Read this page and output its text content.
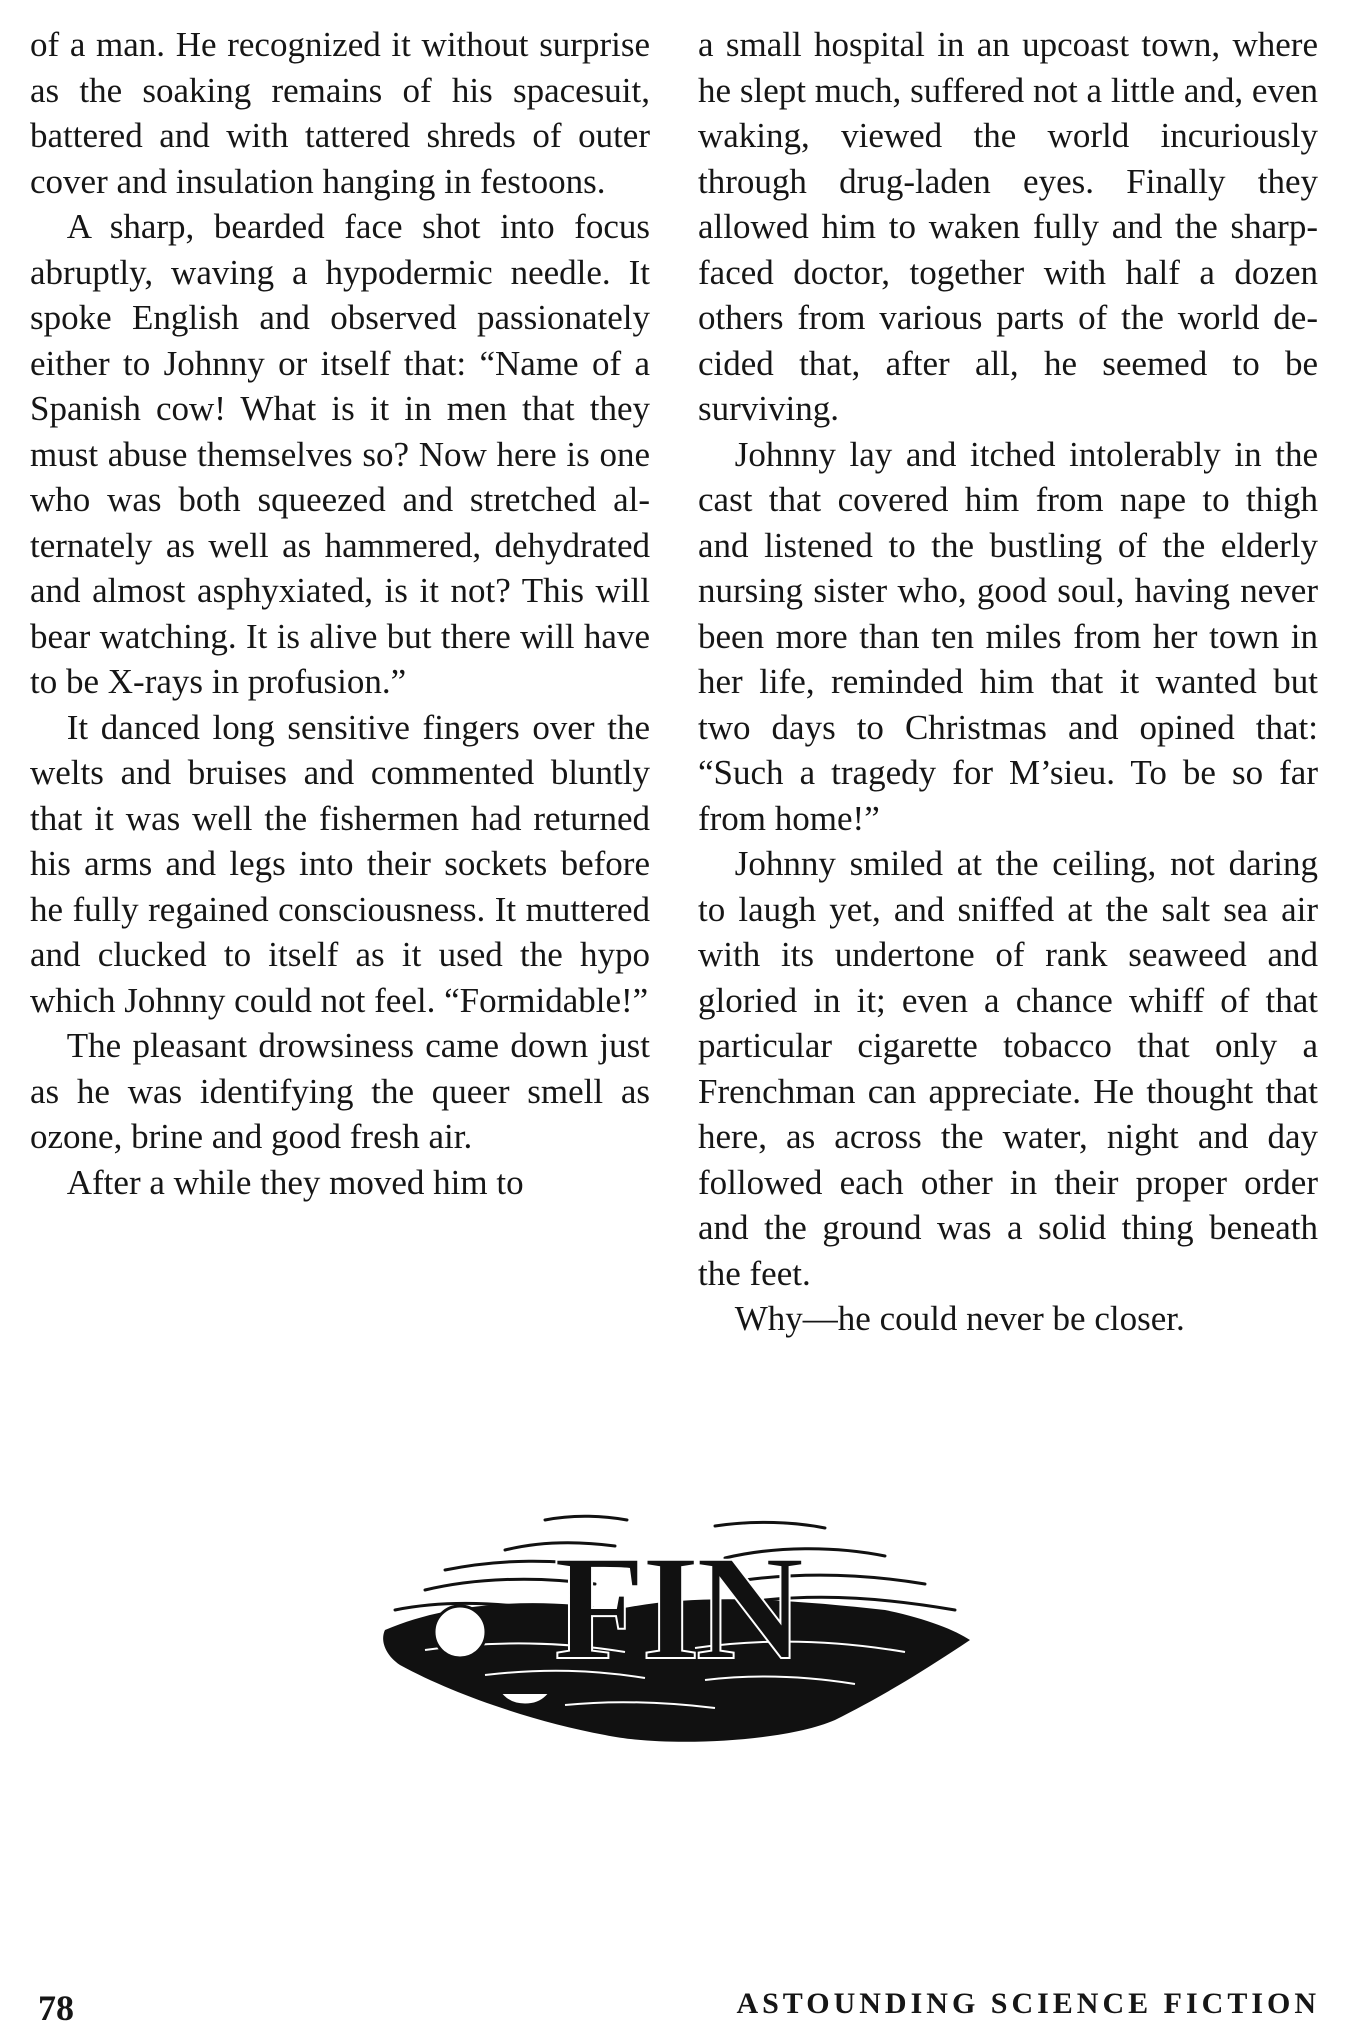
of a man. He recognized it without surprise as the soaking remains of his spacesuit, battered and with tattered shreds of outer cover and insulation hanging in festoons.

A sharp, bearded face shot into focus abruptly, waving a hypodermic needle. It spoke English and observed passionately either to Johnny or itself that: “Name of a Spanish cow! What is it in men that they must abuse themselves so? Now here is one who was both squeezed and stretched alternately as well as hammered, dehydrated and almost asphyxiated, is it not? This will bear watching. It is alive but there will have to be X-rays in profusion.”

It danced long sensitive fingers over the welts and bruises and commented bluntly that it was well the fishermen had returned his arms and legs into their sockets before he fully regained consciousness. It muttered and clucked to itself as it used the hypo which Johnny could not feel. “Formidable!”

The pleasant drowsiness came down just as he was identifying the queer smell as ozone, brine and good fresh air.

After a while they moved him to

a small hospital in an upcoast town, where he slept much, suffered not a little and, even waking, viewed the world incuriously through drug-laden eyes. Finally they allowed him to waken fully and the sharp-faced doctor, together with half a dozen others from various parts of the world decided that, after all, he seemed to be surviving.

Johnny lay and itched intolerably in the cast that covered him from nape to thigh and listened to the bustling of the elderly nursing sister who, good soul, having never been more than ten miles from her town in her life, reminded him that it wanted but two days to Christmas and opined that: “Such a tragedy for M’sieu. To be so far from home!”

Johnny smiled at the ceiling, not daring to laugh yet, and sniffed at the salt sea air with its undertone of rank seaweed and gloried in it; even a chance whiff of that particular cigarette tobacco that only a Frenchman can appreciate. He thought that here, as across the water, night and day followed each other in their proper order and the ground was a solid thing beneath the feet.

Why—he could never be closer.

FIN
78	ASTOUNDING SCIENCE FICTION
